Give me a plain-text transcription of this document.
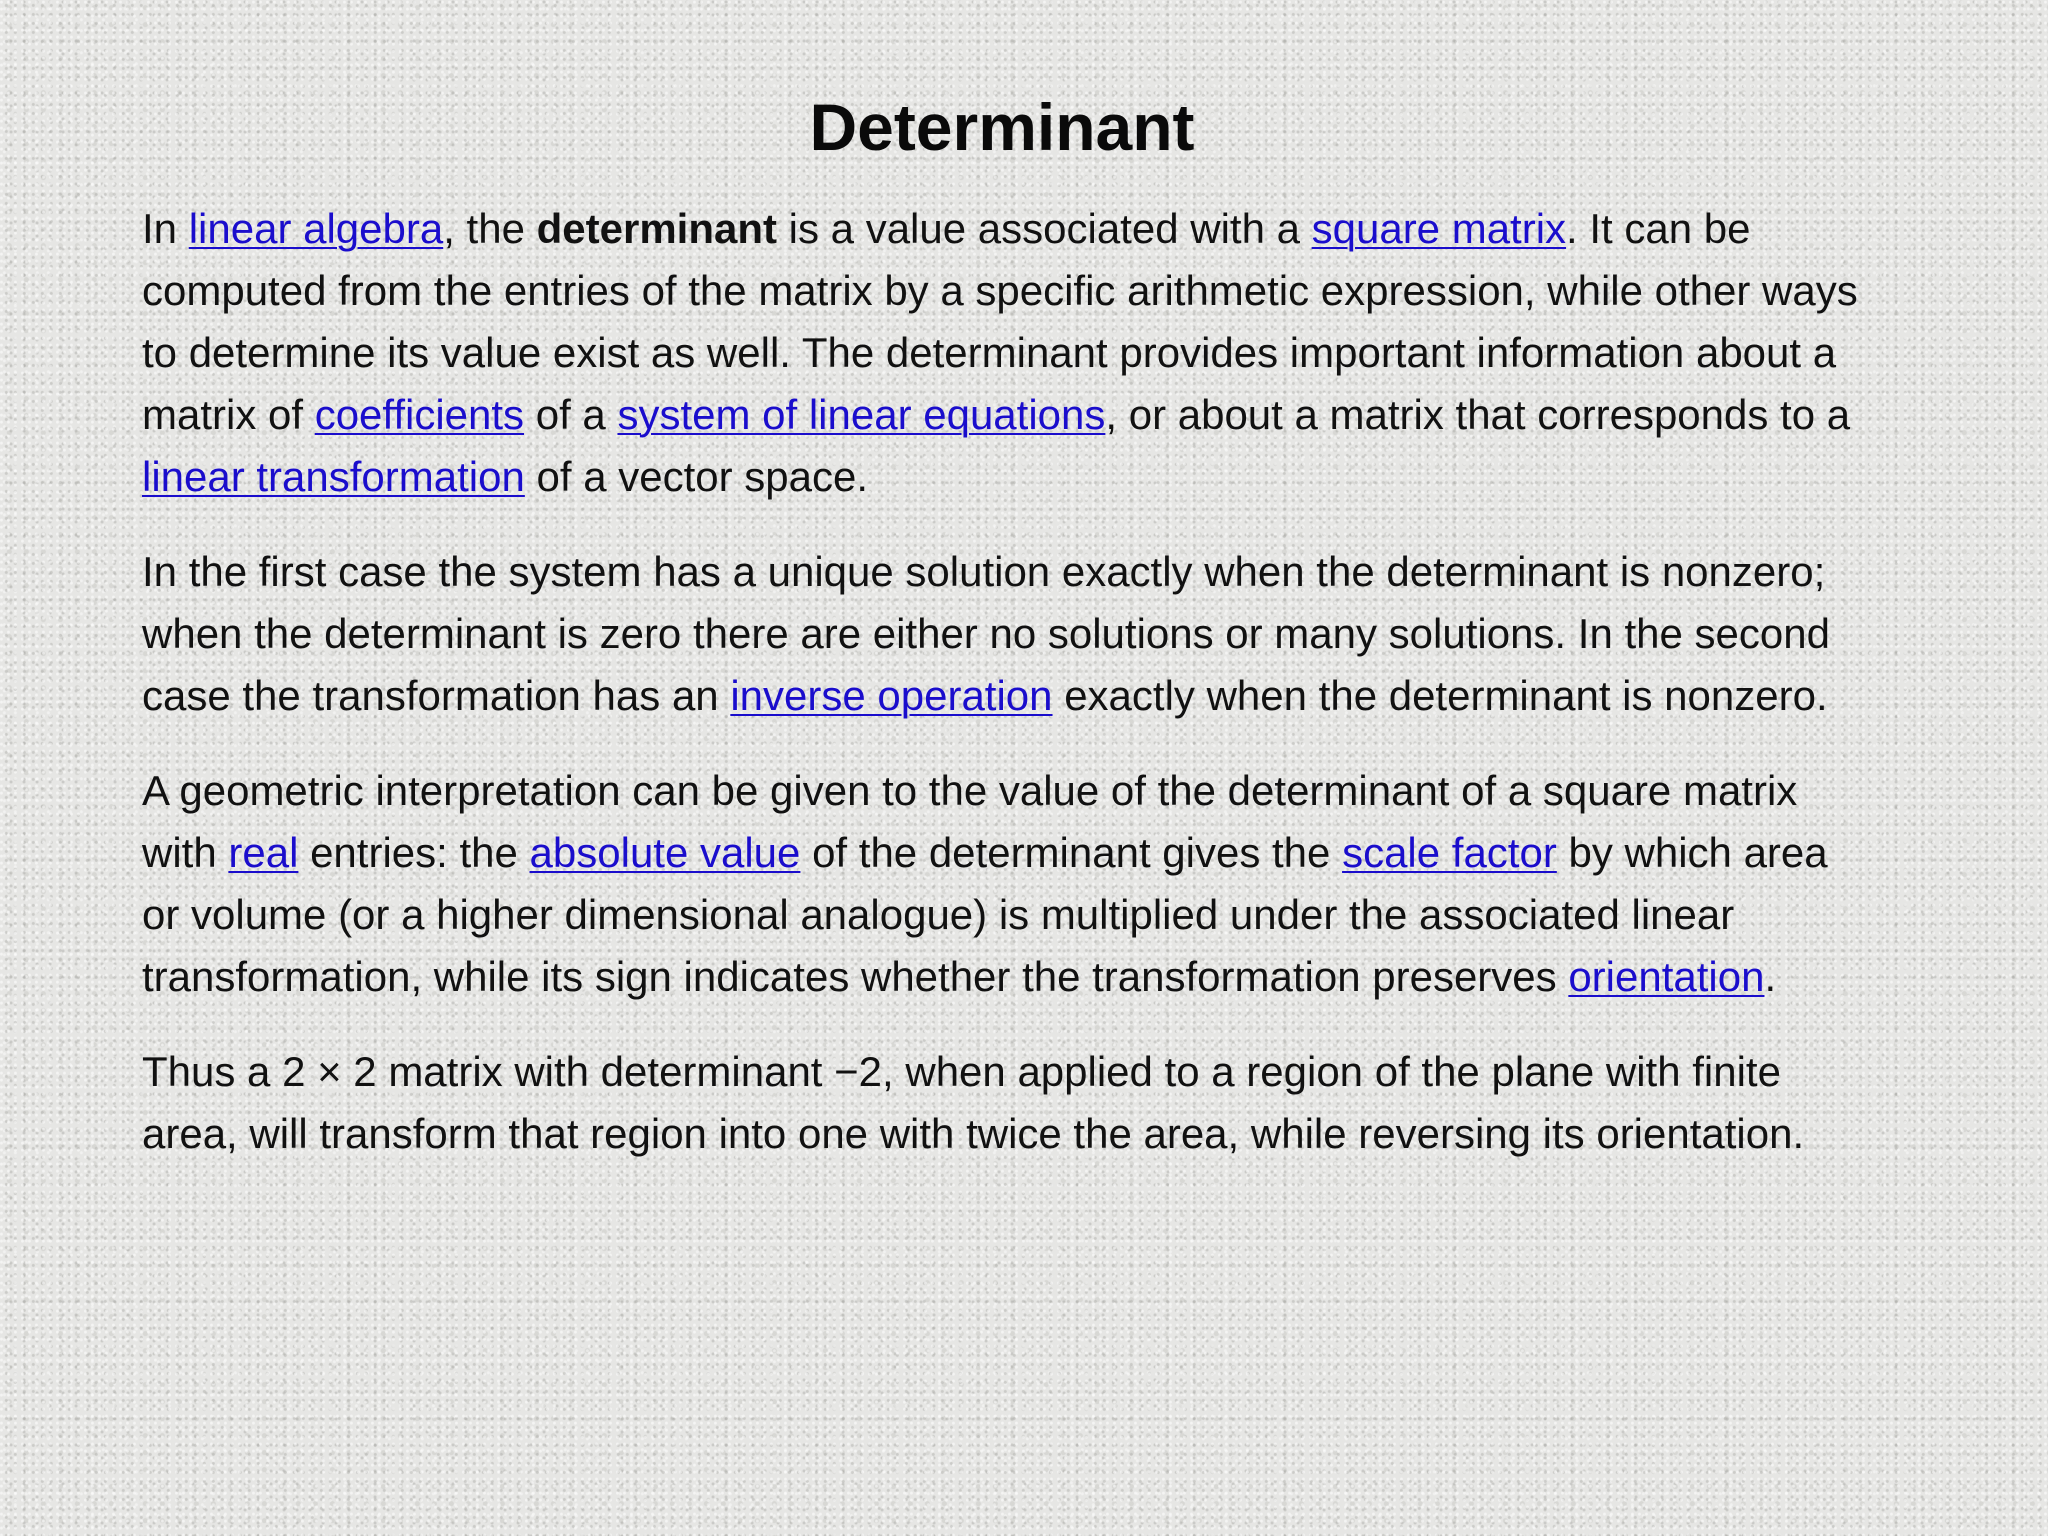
Determinant

In linear algebra, the determinant is a value associated with a square matrix. It can be computed from the entries of the matrix by a specific arithmetic expression, while other ways to determine its value exist as well. The determinant provides important information about a matrix of coefficients of a system of linear equations, or about a matrix that corresponds to a linear transformation of a vector space.

In the first case the system has a unique solution exactly when the determinant is nonzero; when the determinant is zero there are either no solutions or many solutions. In the second case the transformation has an inverse operation exactly when the determinant is nonzero.

A geometric interpretation can be given to the value of the determinant of a square matrix with real entries: the absolute value of the determinant gives the scale factor by which area or volume (or a higher dimensional analogue) is multiplied under the associated linear transformation, while its sign indicates whether the transformation preserves orientation.

Thus a 2 × 2 matrix with determinant −2, when applied to a region of the plane with finite area, will transform that region into one with twice the area, while reversing its orientation.
